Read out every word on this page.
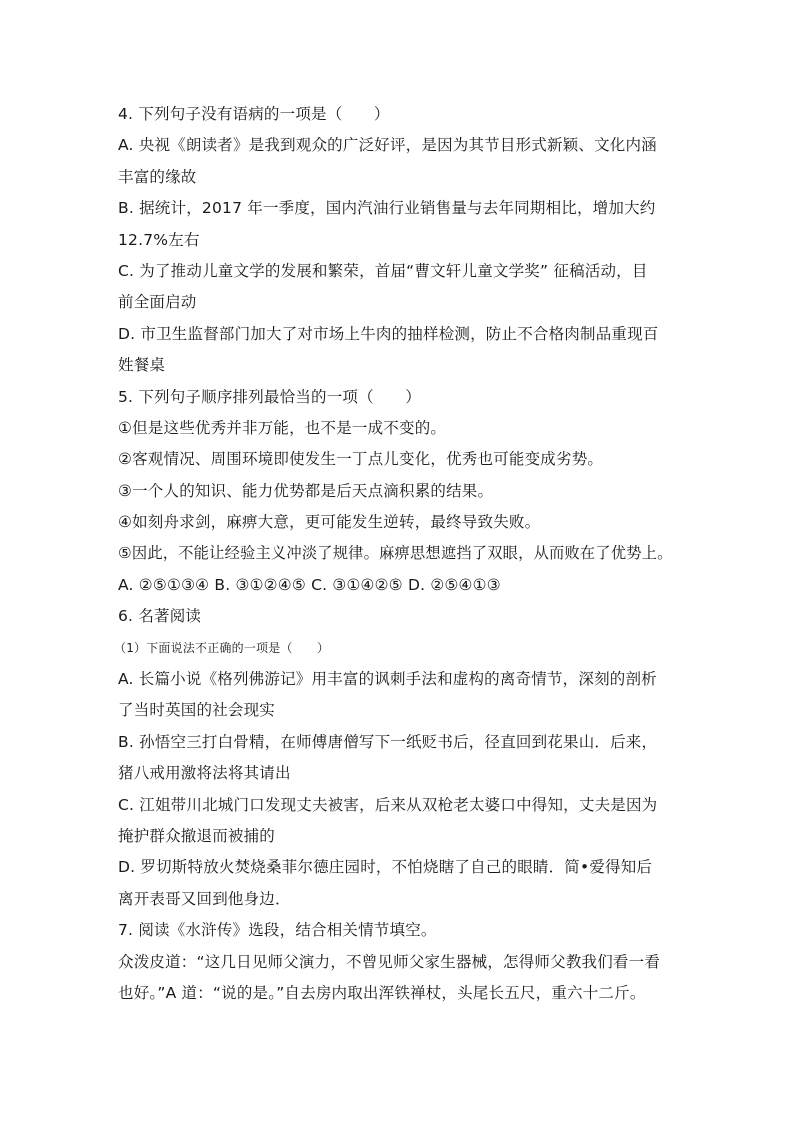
4. 下列句子没有语病的一项是（　　）
A. 央视《朗读者》是我到观众的广泛好评，是因为其节目形式新颖、文化内涵
丰富的缘故
B. 据统计，2017 年一季度，国内汽油行业销售量与去年同期相比，增加大约
12.7%左右
C. 为了推动儿童文学的发展和繁荣，首届“曹文轩儿童文学奖” 征稿活动，目
前全面启动
D. 市卫生监督部门加大了对市场上牛肉的抽样检测，防止不合格肉制品重现百
姓餐桌
5. 下列句子顺序排列最恰当的一项（　　）
①但是这些优秀并非万能，也不是一成不变的。
②客观情况、周围环境即使发生一丁点儿变化，优秀也可能变成劣势。
③一个人的知识、能力优势都是后天点滴积累的结果。
④如刻舟求剑，麻痹大意，更可能发生逆转，最终导致失败。
⑤因此，不能让经验主义冲淡了规律。麻痹思想遮挡了双眼，从而败在了优势上。
A. ②⑤①③④ B. ③①②④⑤ C. ③①④②⑤ D. ②⑤④①③
6. 名著阅读
（1）下面说法不正确的一项是（　　）
A. 长篇小说《格列佛游记》用丰富的讽刺手法和虚构的离奇情节，深刻的剖析
了当时英国的社会现实
B. 孙悟空三打白骨精，在师傅唐僧写下一纸贬书后，径直回到花果山．后来，
猪八戒用激将法将其请出
C. 江姐带川北城门口发现丈夫被害，后来从双枪老太婆口中得知，丈夫是因为
掩护群众撤退而被捕的
D. 罗切斯特放火焚烧桑菲尔德庄园时，不怕烧瞎了自己的眼睛．简•爱得知后
离开表哥又回到他身边．
7. 阅读《水浒传》选段，结合相关情节填空。
众泼皮道：“这几日见师父演力，不曾见师父家生器械，怎得师父教我们看一看
也好。”A 道：“说的是。”自去房内取出浑铁禅杖，头尾长五尺，重六十二斤。
